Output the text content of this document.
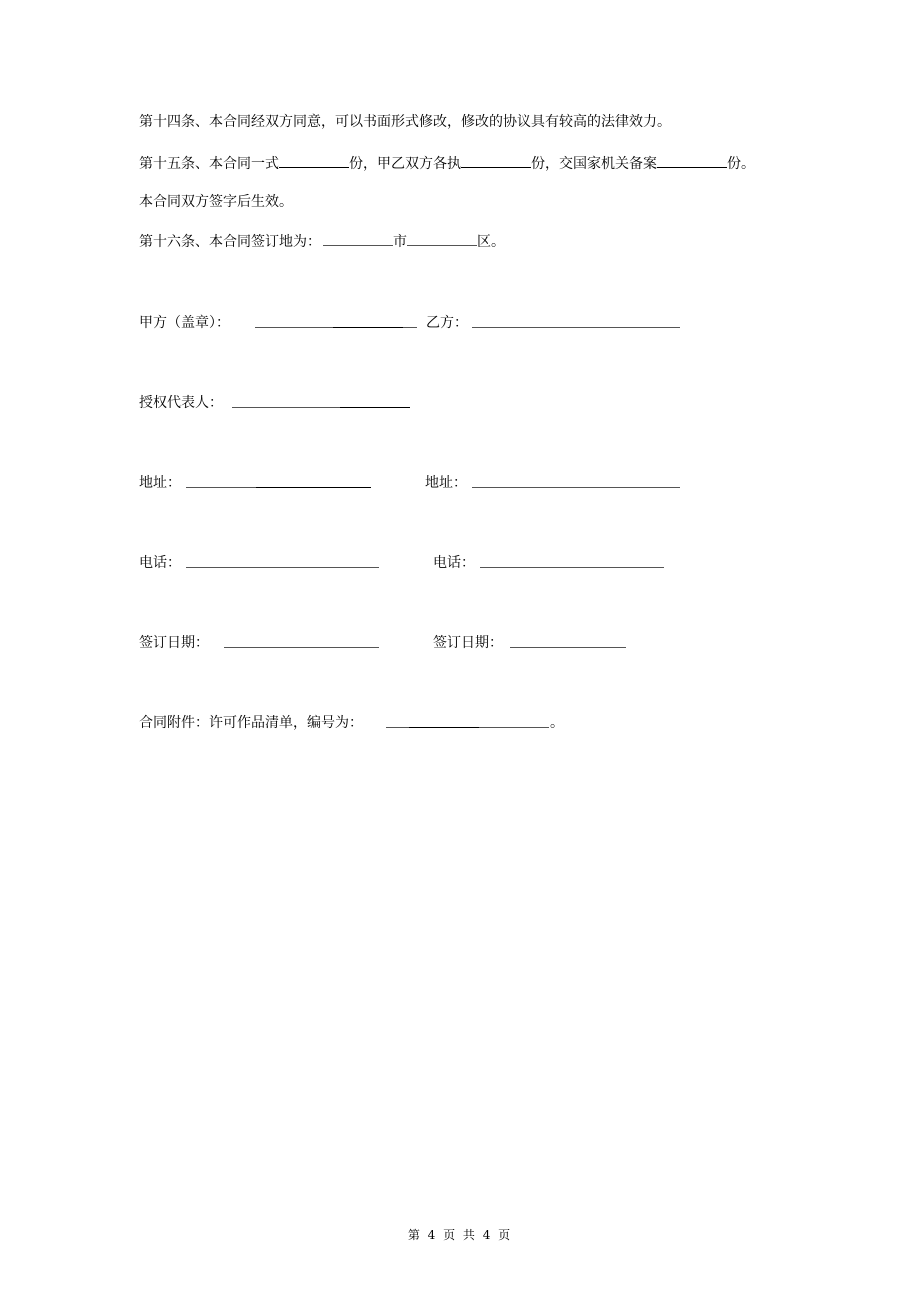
第十四条、本合同经双方同意，可以书面形式修改，修改的协议具有较高的法律效力。
第十五条、本合同一式	份，甲乙双方各执	份，交国家机关备案	份。
本合同双方签字后生效。
第十六条、本合同签订地为：	市	区。
甲方（盖章）：	乙方：
授权代表人：
地址：	地址：
电话：	电话：
签订日期：	签订日期：
合同附件：许可作品清单，编号为：	。
第 4 页 共 4 页
